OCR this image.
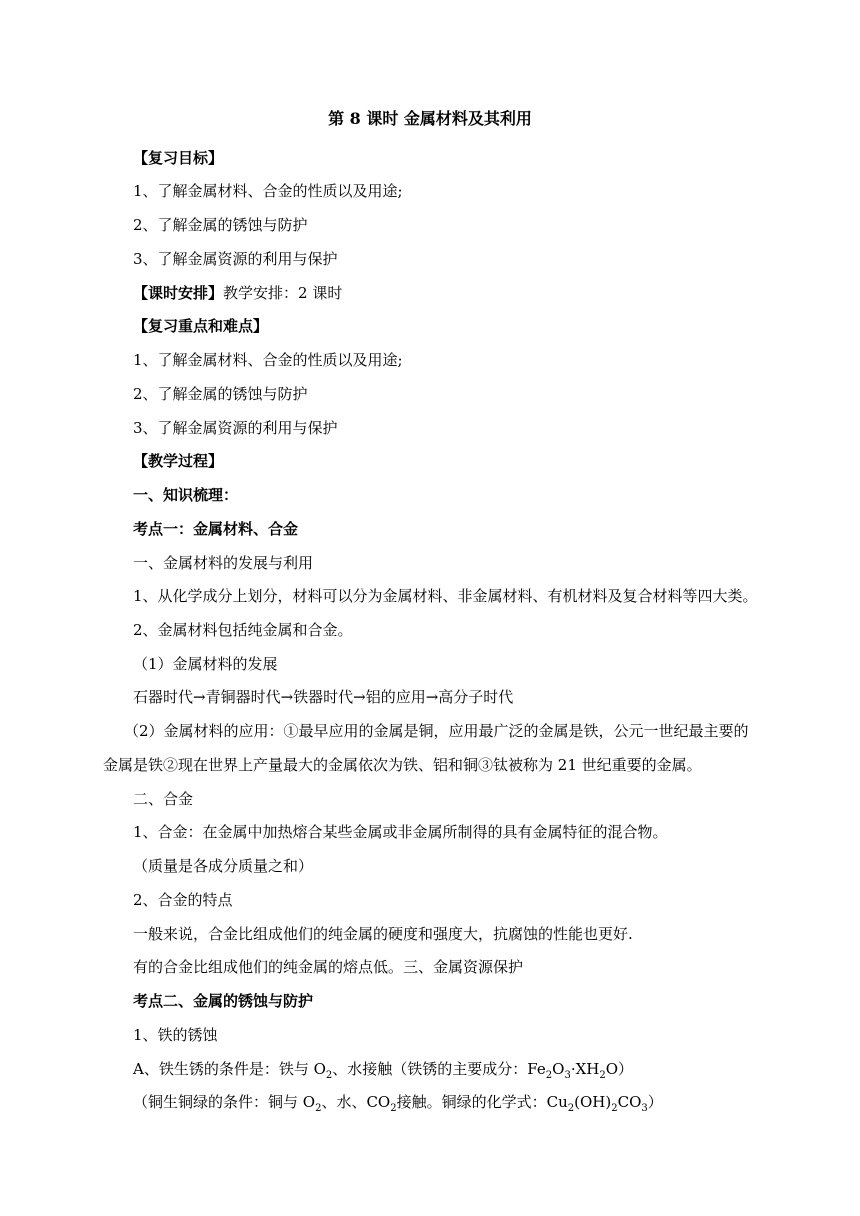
第 8 课时 金属材料及其利用
【复习目标】
1、了解金属材料、合金的性质以及用途;
2、了解金属的锈蚀与防护
3、了解金属资源的利用与保护
【课时安排】教学安排：2 课时
【复习重点和难点】
1、了解金属材料、合金的性质以及用途;
2、了解金属的锈蚀与防护
3、了解金属资源的利用与保护
【教学过程】
一、知识梳理：
考点一：金属材料、合金
一、金属材料的发展与利用
1、从化学成分上划分，材料可以分为金属材料、非金属材料、有机材料及复合材料等四大类。
2、金属材料包括纯金属和合金。
（1）金属材料的发展
石器时代→青铜器时代→铁器时代→铝的应用→高分子时代
（2）金属材料的应用：①最早应用的金属是铜，应用最广泛的金属是铁，公元一世纪最主要的
金属是铁②现在世界上产量最大的金属依次为铁、铝和铜③钛被称为 21 世纪重要的金属。
二、合金
1、合金：在金属中加热熔合某些金属或非金属所制得的具有金属特征的混合物。
（质量是各成分质量之和）
2、合金的特点
一般来说，合金比组成他们的纯金属的硬度和强度大，抗腐蚀的性能也更好.
有的合金比组成他们的纯金属的熔点低。三、金属资源保护
考点二、金属的锈蚀与防护
1、铁的锈蚀
A、铁生锈的条件是：铁与 $O_2$、水接触（铁锈的主要成分：$Fe_2O_3\cdot XH_2O$）
（铜生铜绿的条件：铜与 $O_2$、水、$CO_2$接触。铜绿的化学式：$Cu_2(OH)_2CO_3$）
